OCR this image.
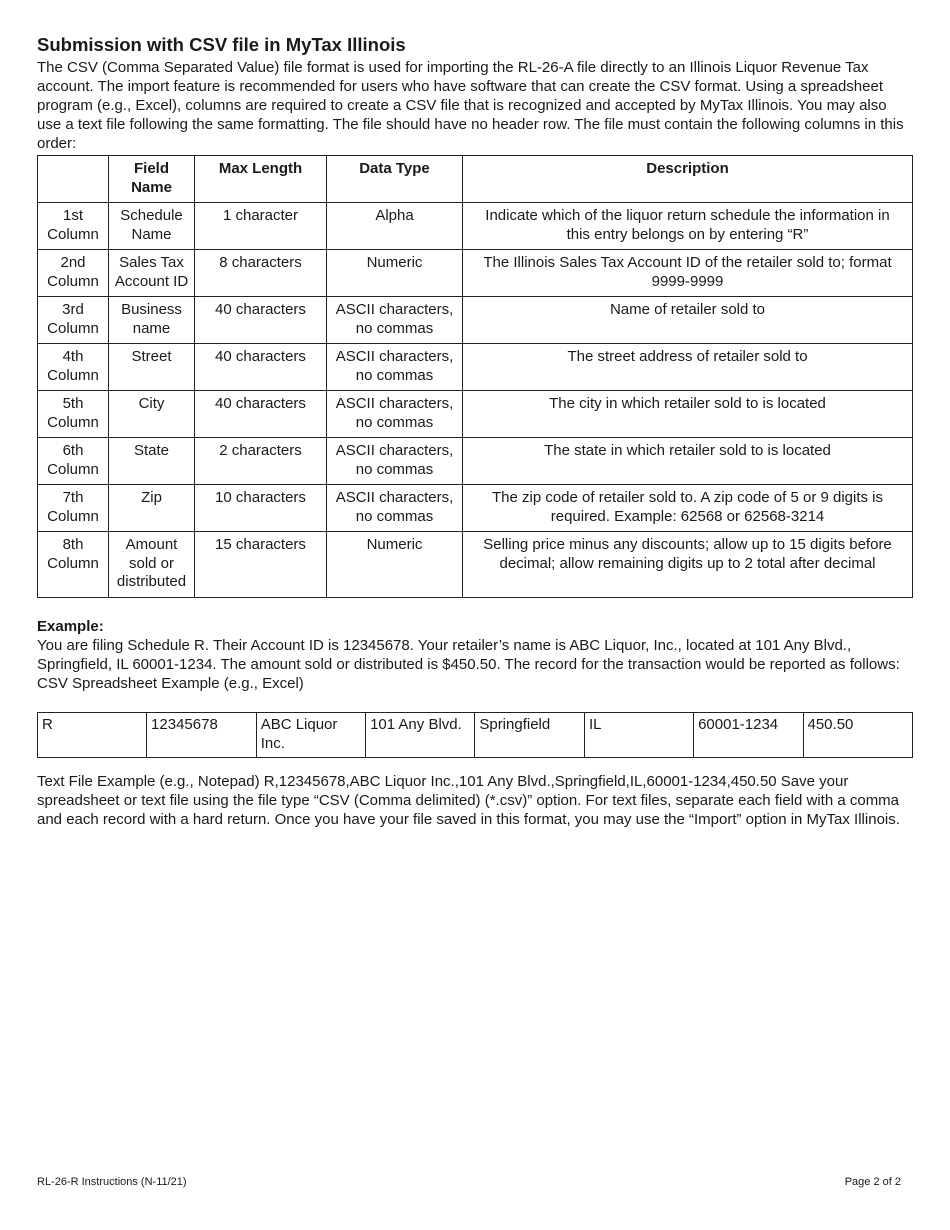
Submission with CSV file in MyTax Illinois

The CSV (Comma Separated Value) file format is used for importing the RL-26-A file directly to an Illinois Liquor Revenue Tax account. The import feature is recommended for users who have software that can create the CSV format. Using a spreadsheet program (e.g., Excel), columns are required to create a CSV file that is recognized and accepted by MyTax Illinois. You may also use a text file following the same formatting. The file should have no header row. The file must contain the following columns in this order:

	Field Name	Max Length	Data Type	Description
1st Column	Schedule Name	1 character	Alpha	Indicate which of the liquor return schedule the information in this entry belongs on by entering “R”
2nd Column	Sales Tax Account ID	8 characters	Numeric	The Illinois Sales Tax Account ID of the retailer sold to; format 9999-9999
3rd Column	Business name	40 characters	ASCII characters, no commas	Name of retailer sold to
4th Column	Street	40 characters	ASCII characters, no commas	The street address of retailer sold to
5th Column	City	40 characters	ASCII characters, no commas	The city in which retailer sold to is located
6th Column	State	2 characters	ASCII characters, no commas	The state in which retailer sold to is located
7th Column	Zip	10 characters	ASCII characters, no commas	The zip code of retailer sold to. A zip code of 5 or 9 digits is required. Example: 62568 or 62568-3214
8th Column	Amount sold or distributed	15 characters	Numeric	Selling price minus any discounts; allow up to 15 digits before decimal; allow remaining digits up to 2 total after decimal

Example:

You are filing Schedule R. Their Account ID is 12345678. Your retailer’s name is ABC Liquor, Inc., located at 101 Any Blvd., Springfield, IL 60001-1234. The amount sold or distributed is $450.50. The record for the transaction would be reported as follows: CSV Spreadsheet Example (e.g., Excel)

R	12345678	ABC Liquor Inc.	101 Any Blvd.	Springfield	IL	60001-1234	450.50

Text File Example (e.g., Notepad) R,12345678,ABC Liquor Inc.,101 Any Blvd.,Springfield,IL,60001-1234,450.50 Save your spreadsheet or text file using the file type “CSV (Comma delimited) (*.csv)” option. For text files, separate each field with a comma and each record with a hard return. Once you have your file saved in this format, you may use the “Import” option in MyTax Illinois.

RL-26-R Instructions (N-11/21)	Page 2 of 2
